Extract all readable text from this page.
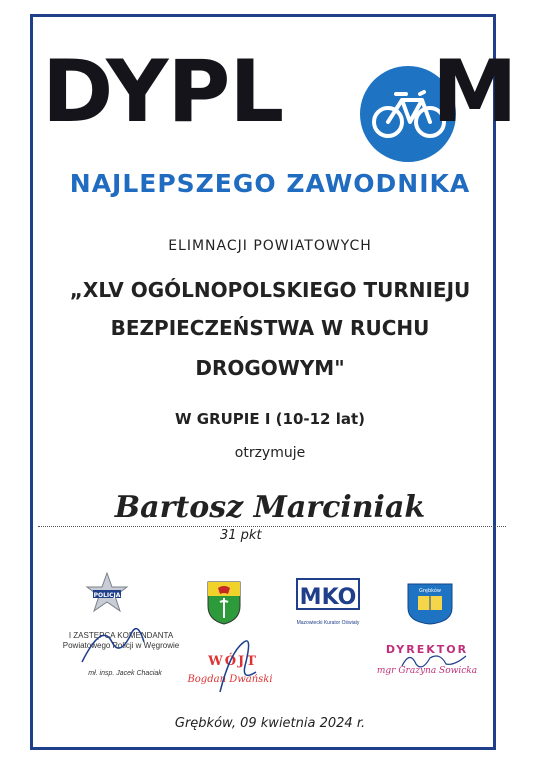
DYPL M
NAJLEPSZEGO ZAWODNIKA
ELIMNACJI POWIATOWYCH
„XLV OGÓLNOPOLSKIEGO TURNIEJU
BEZPIECZEŃSTWA W RUCHU
DROGOWYM"
W GRUPIE I (10-12 lat)
otrzymuje
Bartosz Marciniak
31 pkt
POLICJA
I ZASTĘPCA KOMENDANTA Powiatowego Policji w Węgrowie
mł. insp. Jacek Chaciak
WÓJT
Bogdan Dwański
MKO
Mazowiecki Kurator Oświaty
Grębków
DYREKTOR
mgr Grażyna Sowicka
Grębków, 09 kwietnia 2024 r.
